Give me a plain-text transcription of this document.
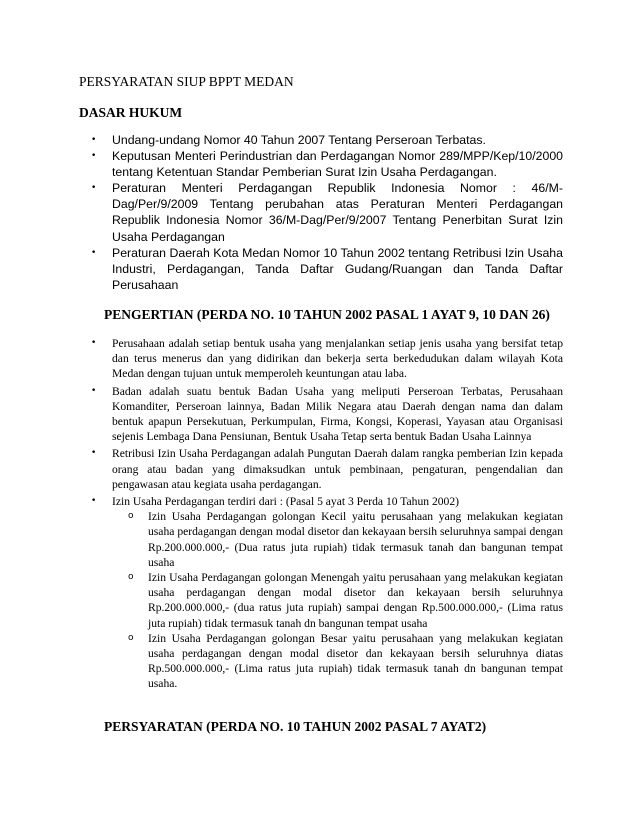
PERSYARATAN SIUP BPPT MEDAN
DASAR HUKUM
• Undang-undang Nomor 40 Tahun 2007 Tentang Perseroan Terbatas.
• Keputusan Menteri Perindustrian dan Perdagangan Nomor 289/MPP/Kep/10/2000 tentang Ketentuan Standar Pemberian Surat Izin Usaha Perdagangan.
• Peraturan Menteri Perdagangan Republik Indonesia Nomor : 46/M-Dag/Per/9/2009 Tentang perubahan atas Peraturan Menteri Perdagangan Republik Indonesia Nomor 36/M-Dag/Per/9/2007 Tentang Penerbitan Surat Izin Usaha Perdagangan
• Peraturan Daerah Kota Medan Nomor 10 Tahun 2002 tentang Retribusi Izin Usaha Industri, Perdagangan, Tanda Daftar Gudang/Ruangan dan Tanda Daftar Perusahaan
PENGERTIAN (PERDA NO. 10 TAHUN 2002 PASAL 1 AYAT 9, 10 DAN 26)
• Perusahaan adalah setiap bentuk usaha yang menjalankan setiap jenis usaha yang bersifat tetap dan terus menerus dan yang didirikan dan bekerja serta berkedudukan dalam wilayah Kota Medan dengan tujuan untuk memperoleh keuntungan atau laba.
• Badan adalah suatu bentuk Badan Usaha yang meliputi Perseroan Terbatas, Perusahaan Komanditer, Perseroan lainnya, Badan Milik Negara atau Daerah dengan nama dan dalam bentuk apapun Persekutuan, Perkumpulan, Firma, Kongsi, Koperasi, Yayasan atau Organisasi sejenis Lembaga Dana Pensiunan, Bentuk Usaha Tetap serta bentuk Badan Usaha Lainnya
• Retribusi Izin Usaha Perdagangan adalah Pungutan Daerah dalam rangka pemberian Izin kepada orang atau badan yang dimaksudkan untuk pembinaan, pengaturan, pengendalian dan pengawasan atau kegiata usaha perdagangan.
• Izin Usaha Perdagangan terdiri dari : (Pasal 5 ayat 3 Perda 10 Tahun 2002)
o Izin Usaha Perdagangan golongan Kecil yaitu perusahaan yang melakukan kegiatan usaha perdagangan dengan modal disetor dan kekayaan bersih seluruhnya sampai dengan Rp.200.000.000,- (Dua ratus juta rupiah) tidak termasuk tanah dan bangunan tempat usaha
o Izin Usaha Perdagangan golongan Menengah yaitu perusahaan yang melakukan kegiatan usaha perdagangan dengan modal disetor dan kekayaan bersih seluruhnya Rp.200.000.000,- (dua ratus juta rupiah) sampai dengan Rp.500.000.000,- (Lima ratus juta rupiah) tidak termasuk tanah dn bangunan tempat usaha
o Izin Usaha Perdagangan golongan Besar yaitu perusahaan yang melakukan kegiatan usaha perdagangan dengan modal disetor dan kekayaan bersih seluruhnya diatas Rp.500.000.000,- (Lima ratus juta rupiah) tidak termasuk tanah dn bangunan tempat usaha.
PERSYARATAN (PERDA NO. 10 TAHUN 2002 PASAL 7 AYAT2)
